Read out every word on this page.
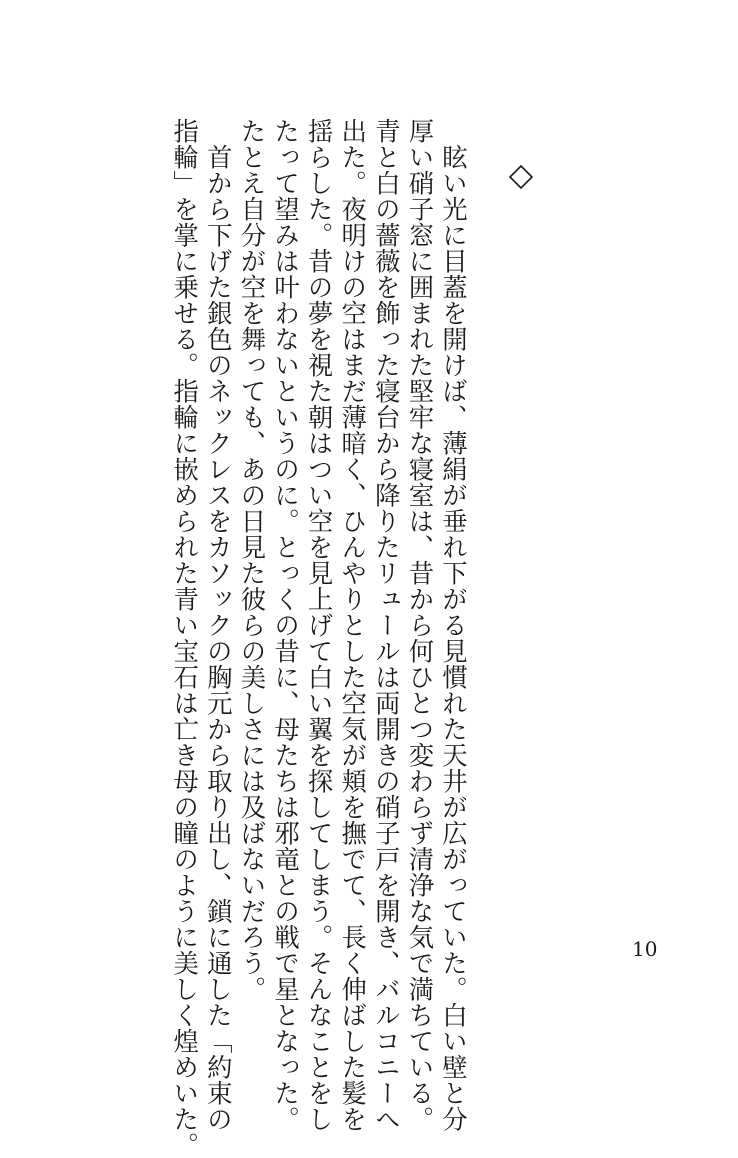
　眩い光に目蓋を開けば、薄絹が垂れ下がる見慣れた天井が広がっていた。白い壁と分
厚い硝子窓に囲まれた堅牢な寝室は、昔から何ひとつ変わらず清浄な気で満ちている。
青と白の薔薇を飾った寝台から降りたリュールは両開きの硝子戸を開き、バルコニーへ
出た。夜明けの空はまだ薄暗く、ひんやりとした空気が頬を撫でて、長く伸ばした髪を
揺らした。昔の夢を視た朝はつい空を見上げて白い翼を探してしまう。そんなことをし
たって望みは叶わないというのに。とっくの昔に、母たちは邪竜との戦で星となった。
たとえ自分が空を舞っても、あの日見た彼らの美しさには及ばないだろう。
　首から下げた銀色のネックレスをカソックの胸元から取り出し、鎖に通した「約束の
指輪」を掌に乗せる。指輪に嵌められた青い宝石は亡き母の瞳のように美しく煌めいた。	10
